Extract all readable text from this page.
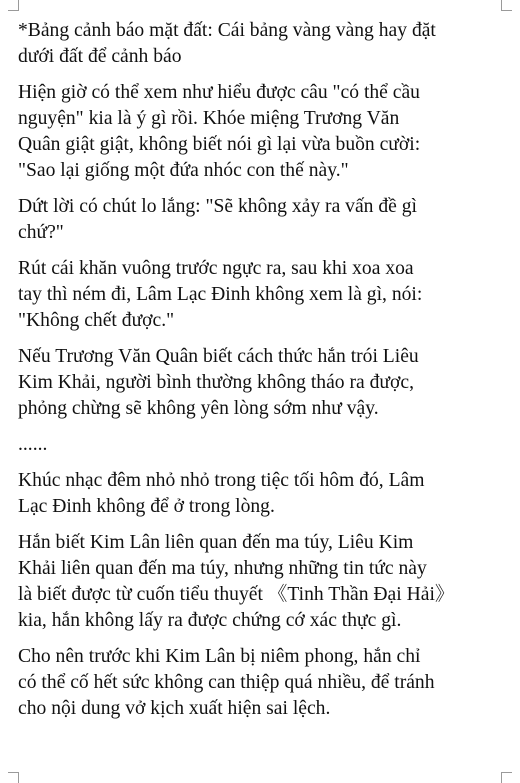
*Bảng cảnh báo mặt đất: Cái bảng vàng vàng hay đặt
dưới đất để cảnh báo

Hiện giờ có thể xem như hiểu được câu "có thể cầu
nguyện" kia là ý gì rồi. Khóe miệng Trương Văn
Quân giật giật, không biết nói gì lại vừa buồn cười:
"Sao lại giống một đứa nhóc con thế này."

Dứt lời có chút lo lắng: "Sẽ không xảy ra vấn đề gì
chứ?"

Rút cái khăn vuông trước ngực ra, sau khi xoa xoa
tay thì ném đi, Lâm Lạc Đinh không xem là gì, nói:
"Không chết được."

Nếu Trương Văn Quân biết cách thức hắn trói Liêu
Kim Khải, người bình thường không tháo ra được,
phỏng chừng sẽ không yên lòng sớm như vậy.

......

Khúc nhạc đêm nhỏ nhỏ trong tiệc tối hôm đó, Lâm
Lạc Đinh không để ở trong lòng.

Hắn biết Kim Lân liên quan đến ma túy, Liêu Kim
Khải liên quan đến ma túy, nhưng những tin tức này
là biết được từ cuốn tiểu thuyết 《Tinh Thần Đại Hải》
kia, hắn không lấy ra được chứng cớ xác thực gì.

Cho nên trước khi Kim Lân bị niêm phong, hắn chỉ
có thể cố hết sức không can thiệp quá nhiều, để tránh
cho nội dung vở kịch xuất hiện sai lệch.
